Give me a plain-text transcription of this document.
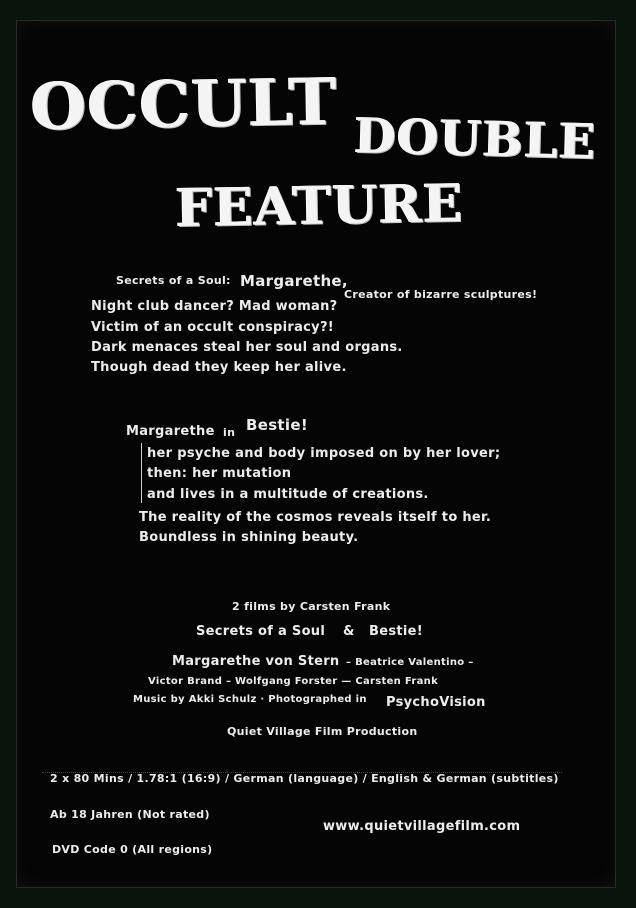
OCCULT DOUBLE
FEATURE
Secrets of a Soul: Margarethe,
Creator of bizarre sculptures!
Night club dancer? Mad woman?
Victim of an occult conspiracy?!
Dark menaces steal her soul and organs.
Though dead they keep her alive.
Margarethe in Bestie!
her psyche and body imposed on by her lover;
then: her mutation
and lives in a multitude of creations.
The reality of the cosmos reveals itself to her.
Boundless in shining beauty.
2 films by Carsten Frank
Secrets of a Soul & Bestie!
Margarethe von Stern – Beatrice Valentino –
Victor Brand – Wolfgang Forster — Carsten Frank
Music by Akki Schulz · Photographed in PsychoVision
Quiet Village Film Production
2 x 80 Mins / 1.78:1 (16:9) / German (language) / English & German (subtitles)
Ab 18 Jahren (Not rated)
www.quietvillagefilm.com
DVD Code 0 (All regions)
